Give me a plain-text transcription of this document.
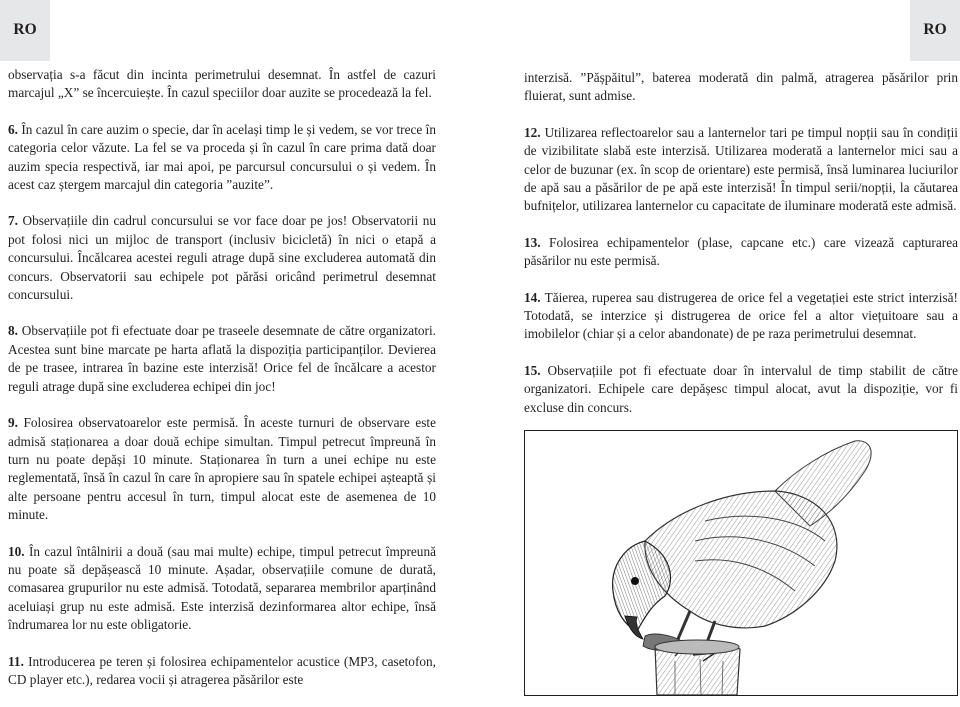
RO	RO

observația s-a făcut din incinta perimetrului desemnat. În astfel de cazuri marcajul „X” se încercuiește. În cazul speciilor doar auzite se procedează la fel.

6. În cazul în care auzim o specie, dar în același timp le și vedem, se vor trece în categoria celor văzute. La fel se va proceda și în cazul în care prima dată doar auzim specia respectivă, iar mai apoi, pe parcursul concursului o și vedem. În acest caz ștergem marcajul din categoria ”auzite”.

7. Observațiile din cadrul concursului se vor face doar pe jos! Observatorii nu pot folosi nici un mijloc de transport (inclusiv bicicletă) în nici o etapă a concursului. Încălcarea acestei reguli atrage după sine excluderea automată din concurs. Observatorii sau echipele pot părăsi oricând perimetrul desemnat concursului.

8. Observațiile pot fi efectuate doar pe traseele desemnate de către organizatori. Acestea sunt bine marcate pe harta aflată la dispoziția participanților. Devierea de pe trasee, intrarea în bazine este interzisă! Orice fel de încălcare a acestor reguli atrage după sine excluderea echipei din joc!

9. Folosirea observatoarelor este permisă. În aceste turnuri de observare este admisă staționarea a doar două echipe simultan. Timpul petrecut împreună în turn nu poate depăși 10 minute. Staționarea în turn a unei echipe nu este reglementată, însă în cazul în care în apropiere sau în spatele echipei așteaptă și alte persoane pentru accesul în turn, timpul alocat este de asemenea de 10 minute.

10. În cazul întâlnirii a două (sau mai multe) echipe, timpul petrecut împreună nu poate să depășească 10 minute. Așadar, observațiile comune de durată, comasarea grupurilor nu este admisă. Totodată, separarea membrilor aparținând aceluiași grup nu este admisă. Este interzisă dezinformarea altor echipe, însă îndrumarea lor nu este obligatorie.

11. Introducerea pe teren și folosirea echipamentelor acustice (MP3, casetofon, CD player etc.), redarea vocii și atragerea păsărilor este

interzisă. ”Pășpăitul”, baterea moderată din palmă, atragerea păsărilor prin fluierat, sunt admise.

12. Utilizarea reflectoarelor sau a lanternelor tari pe timpul nopții sau în condiții de vizibilitate slabă este interzisă. Utilizarea moderată a lanternelor mici sau a celor de buzunar (ex. în scop de orientare) este permisă, însă luminarea luciurilor de apă sau a păsărilor de pe apă este interzisă! În timpul serii/nopții, la căutarea bufnițelor, utilizarea lanternelor cu capacitate de iluminare moderată este admisă.

13. Folosirea echipamentelor (plase, capcane etc.) care vizează capturarea păsărilor nu este permisă.

14. Tăierea, ruperea sau distrugerea de orice fel a vegetației este strict interzisă! Totodată, se interzice și distrugerea de orice fel a altor viețuitoare sau a imobilelor (chiar și a celor abandonate) de pe raza perimetrului desemnat.

15. Observațiile pot fi efectuate doar în intervalul de timp stabilit de către organizatori. Echipele care depășesc timpul alocat, avut la dispoziție, vor fi excluse din concurs.
